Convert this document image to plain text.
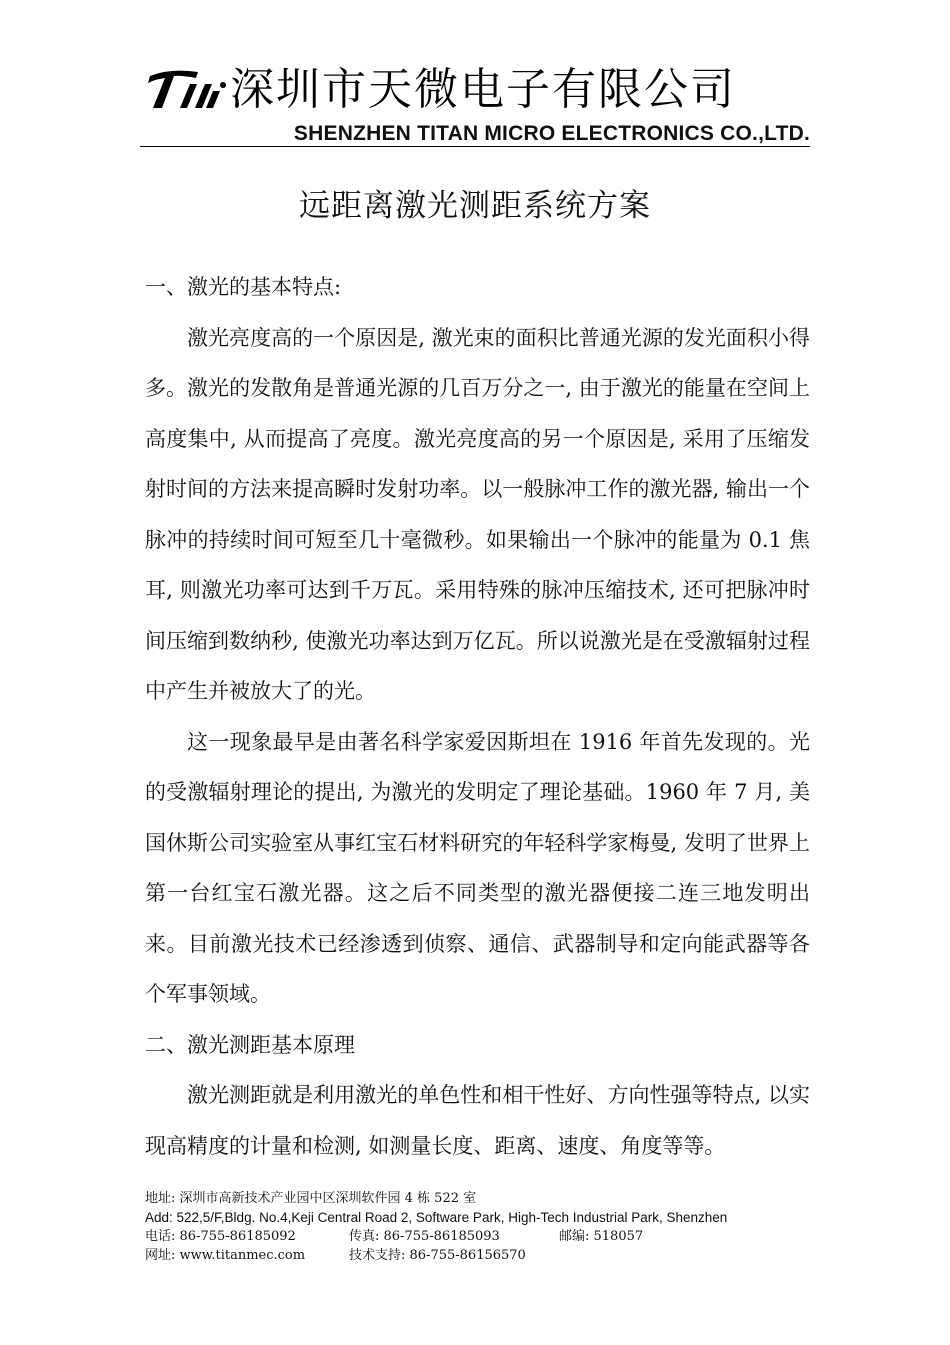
深圳市天微电子有限公司
SHENZHEN TITAN MICRO ELECTRONICS CO.,LTD.
远距离激光测距系统方案

一、激光的基本特点:

激光亮度高的一个原因是, 激光束的面积比普通光源的发光面积小得多。激光的发散角是普通光源的几百万分之一, 由于激光的能量在空间上高度集中, 从而提高了亮度。激光亮度高的另一个原因是, 采用了压缩发射时间的方法来提高瞬时发射功率。以一般脉冲工作的激光器, 输出一个脉冲的持续时间可短至几十毫微秒。如果输出一个脉冲的能量为 0.1 焦耳, 则激光功率可达到千万瓦。采用特殊的脉冲压缩技术, 还可把脉冲时间压缩到数纳秒, 使激光功率达到万亿瓦。所以说激光是在受激辐射过程中产生并被放大了的光。

这一现象最早是由著名科学家爱因斯坦在 1916 年首先发现的。光的受激辐射理论的提出, 为激光的发明定了理论基础。1960 年 7 月, 美国休斯公司实验室从事红宝石材料研究的年轻科学家梅曼, 发明了世界上第一台红宝石激光器。这之后不同类型的激光器便接二连三地发明出来。目前激光技术已经渗透到侦察、通信、武器制导和定向能武器等各个军事领域。

二、激光测距基本原理

激光测距就是利用激光的单色性和相干性好、方向性强等特点, 以实现高精度的计量和检测, 如测量长度、距离、速度、角度等等。

地址: 深圳市高新技术产业园中区深圳软件园 4 栋 522 室
Add: 522,5/F,Bldg. No.4,Keji Central Road 2, Software Park, High-Tech Industrial Park, Shenzhen
电话: 86-755-86185092	传真: 86-755-86185093	邮编: 518057
网址: www.titanmec.com	技术支持: 86-755-86156570
